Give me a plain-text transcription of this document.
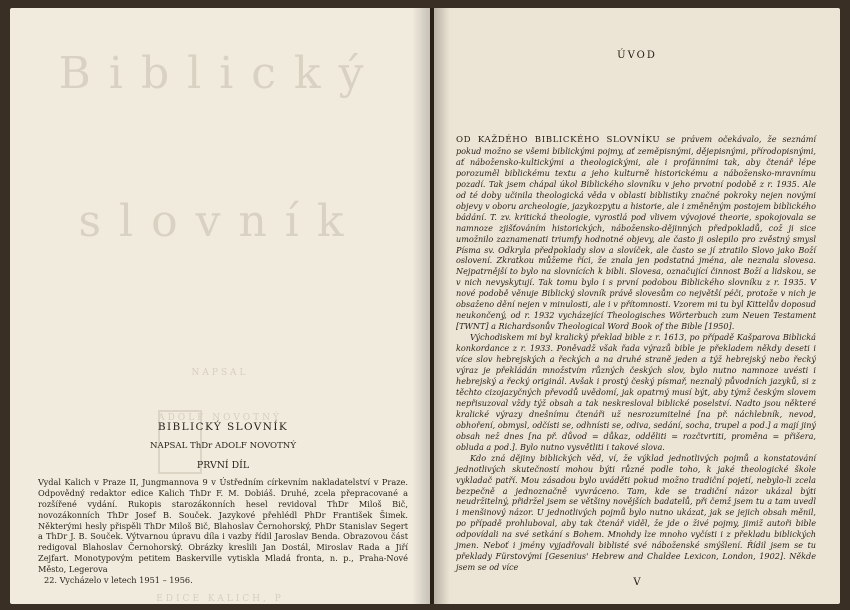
Biblický
slovník
NAPSAL
ADOLF NOVOTNÝ
EDICE KALICH, P
BIBLICKÝ SLOVNÍK
NAPSAL ThDr ADOLF NOVOTNÝ
PRVNÍ DÍL
Vydal Kalich v Praze II, Jungmannova 9 v Ústředním církevním nakladatelství v Praze. Odpovědný redaktor edice Kalich ThDr F. M. Dobiáš. Druhé, zcela přepracované a rozšířené vydání. Rukopis starozákonních hesel revidoval ThDr Miloš Bič, novozákonních ThDr Josef B. Souček. Jazykové přehlédl PhDr František Šimek. Některými hesly přispěli ThDr Miloš Bič, Blahoslav Černohorský, PhDr Stanislav Segert a ThDr J. B. Souček. Výtvarnou úpravu díla i vazby řídil Jaroslav Benda. Obrazovou část redigoval Blahoslav Černohorský. Obrázky kreslili Jan Dostál, Miroslav Rada a Jiří Zejfart. Monotypovým petitem Baskerville vytiskla Mladá fronta, n. p., Praha-Nové Město, Legerova
22. Vycházelo v letech 1951 – 1956.
ÚVOD

OD KAŽDÉHO BIBLICKÉHO SLOVNÍKU se právem očekávalo, že seznámí pokud možno se všemi biblickými pojmy, ať zeměpisnými, dějepisnými, přírodopisnými, ať nábožensko-kultickými a theologickými, ale i profánními tak, aby čtenář lépe porozuměl biblickému textu a jeho kulturně historickému a nábožensko-mravnímu pozadí. Tak jsem chápal úkol Biblického slovníku v jeho prvotní podobě z r. 1935. Ale od té doby učinila theologická věda v oblasti biblistiky značné pokroky nejen novými objevy v oboru archeologie, jazykozpytu a historie, ale i změněným postojem biblického bádání. T. zv. kritická theologie, vyrostlá pod vlivem vývojové theorie, spokojovala se namnoze zjišťováním historických, nábožensko-dějinných předpokladů, což ji sice umožnilo zaznamenati triumfy hodnotné objevy, ale často ji oslepilo pro zvěstný smysl Písma sv. Odkryla předpoklady slov a slovíček, ale často se jí ztratilo Slovo jako Boží oslovení. Zkratkou můžeme říci, že znala jen podstatná jména, ale neznala slovesa. Nejpatrnější to bylo na slovnících k bibli. Slovesa, označující činnost Boží a lidskou, se v nich nevyskytují. Tak tomu bylo i s první podobou Biblického slovníku z r. 1935. V nové podobě věnuje Biblický slovník právě slovesům co největší péči, protože v nich je obsaženo dění nejen v minulosti, ale i v přítomnosti. Vzorem mi tu byl Kittelův doposud neukončený, od r. 1932 vycházející Theologisches Wörterbuch zum Neuen Testament [TWNT] a Richardsonův Theological Word Book of the Bible [1950].

Východiskem mi byl kralický překlad bible z r. 1613, po případě Kašparova Biblická konkordance z r. 1933. Poněvadž však řada výrazů bible je překladem někdy deseti i více slov hebrejských a řeckých a na druhé straně jeden a týž hebrejský nebo řecký výraz je překládán množstvím různých českých slov, bylo nutno namnoze uvésti i hebrejský a řecký originál. Avšak i prostý český písmař, neznalý původních jazyků, si z těchto cizojazyčných převodů uvědomí, jak opatrný musí být, aby týmž českým slovem nepřisuzoval vždy týž obsah a tak neskresloval biblické poselství. Nadto jsou některé kralické výrazy dnešnímu čtenáři už nesrozumitelné [na př. náchlebník, nevod, obhoření, obmysl, odčísti se, odhnísti se, odiva, sedání, socha, trupel a pod.] a mají jiný obsah než dnes [na př. důvod = důkaz, odděliti = rozčtvrtiti, proměna = přišera, obluda a pod.]. Bylo nutno vysvětliti i takové slova.

Kdo zná dějiny biblických věd, ví, že výklad jednotlivých pojmů a konstatování jednotlivých skutečností mohou býti různé podle toho, k jaké theologické škole vykladač patří. Mou zásadou bylo uváděti pokud možno tradiční pojetí, nebylo-li zcela bezpečně a jednoznačně vyvráceno. Tam, kde se tradiční názor ukázal býti neudržitelný, přidržel jsem se většiny novějších badatelů, při čemž jsem tu a tam uvedl i menšinový názor. U jednotlivých pojmů bylo nutno ukázat, jak se jejich obsah měnil, po případě prohluboval, aby tak čtenář viděl, že jde o živé pojmy, jimiž autoři bible odpovídali na své setkání s Bohem. Mnohdy lze mnoho vyčísti i z překladu biblických jmen. Neboť i jmény vyjadřovali biblisté své náboženské smýšlení. Řídil jsem se tu překlady Fürstovými [Gesenius' Hebrew and Chaldee Lexicon, London, 1902]. Někde jsem se od více

V
